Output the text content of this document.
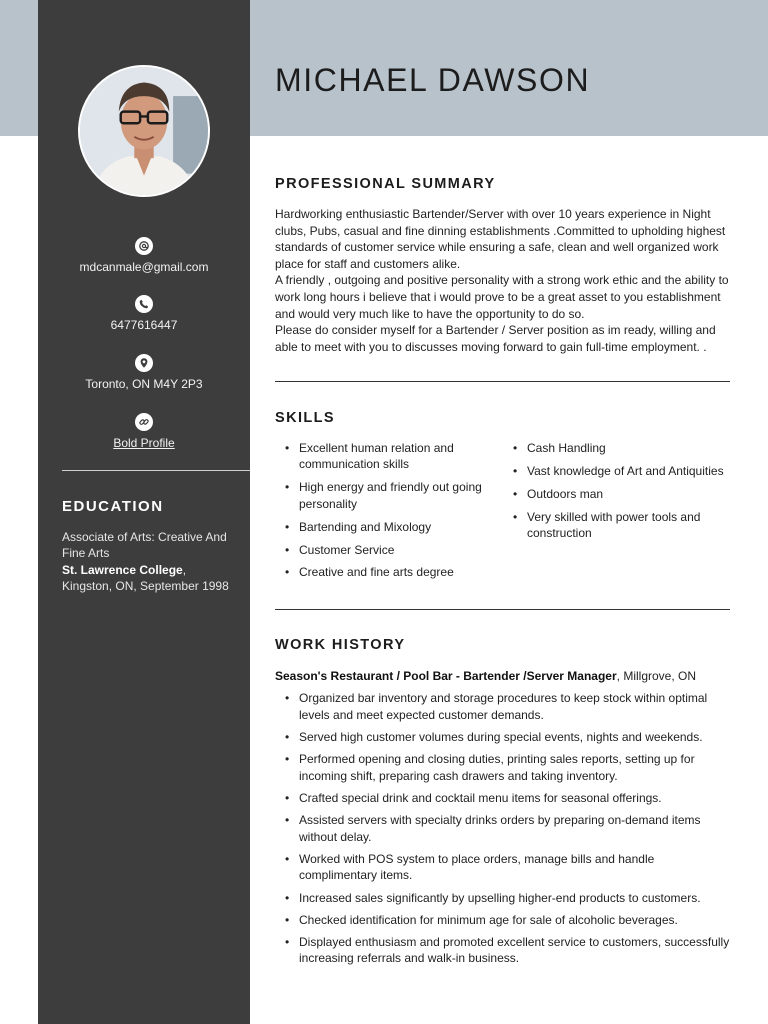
mdcanmale@gmail.com
6477616447
Toronto, ON M4Y 2P3
Bold Profile
EDUCATION
Associate of Arts: Creative And Fine Arts
St. Lawrence College,
Kingston, ON, September 1998
MICHAEL DAWSON
PROFESSIONAL SUMMARY

Hardworking enthusiastic Bartender/Server with over 10 years experience in Night clubs, Pubs, casual and fine dinning establishments .Committed to upholding highest standards of customer service while ensuring a safe, clean and well organized work place for staff and customers alike.

A friendly , outgoing and positive personality with a strong work ethic and the ability to work long hours i believe that i would prove to be a great asset to you establishment and would very much like to have the opportunity to do so.

Please do consider myself for a Bartender / Server position as im ready, willing and able to meet with you to discusses moving forward to gain full-time employment. .

SKILLS
• Excellent human relation and communication skills
• High energy and friendly out going personality
• Bartending and Mixology
• Customer Service
• Creative and fine arts degree
• Cash Handling
• Vast knowledge of Art and Antiquities
• Outdoors man
• Very skilled with power tools and construction
WORK HISTORY
Season's Restaurant / Pool Bar - Bartender /Server Manager, Millgrove, ON
• Organized bar inventory and storage procedures to keep stock within optimal levels and meet expected customer demands.
• Served high customer volumes during special events, nights and weekends.
• Performed opening and closing duties, printing sales reports, setting up for incoming shift, preparing cash drawers and taking inventory.
• Crafted special drink and cocktail menu items for seasonal offerings.
• Assisted servers with specialty drinks orders by preparing on-demand items without delay.
• Worked with POS system to place orders, manage bills and handle complimentary items.
• Increased sales significantly by upselling higher-end products to customers.
• Checked identification for minimum age for sale of alcoholic beverages.
• Displayed enthusiasm and promoted excellent service to customers, successfully increasing referrals and walk-in business.
